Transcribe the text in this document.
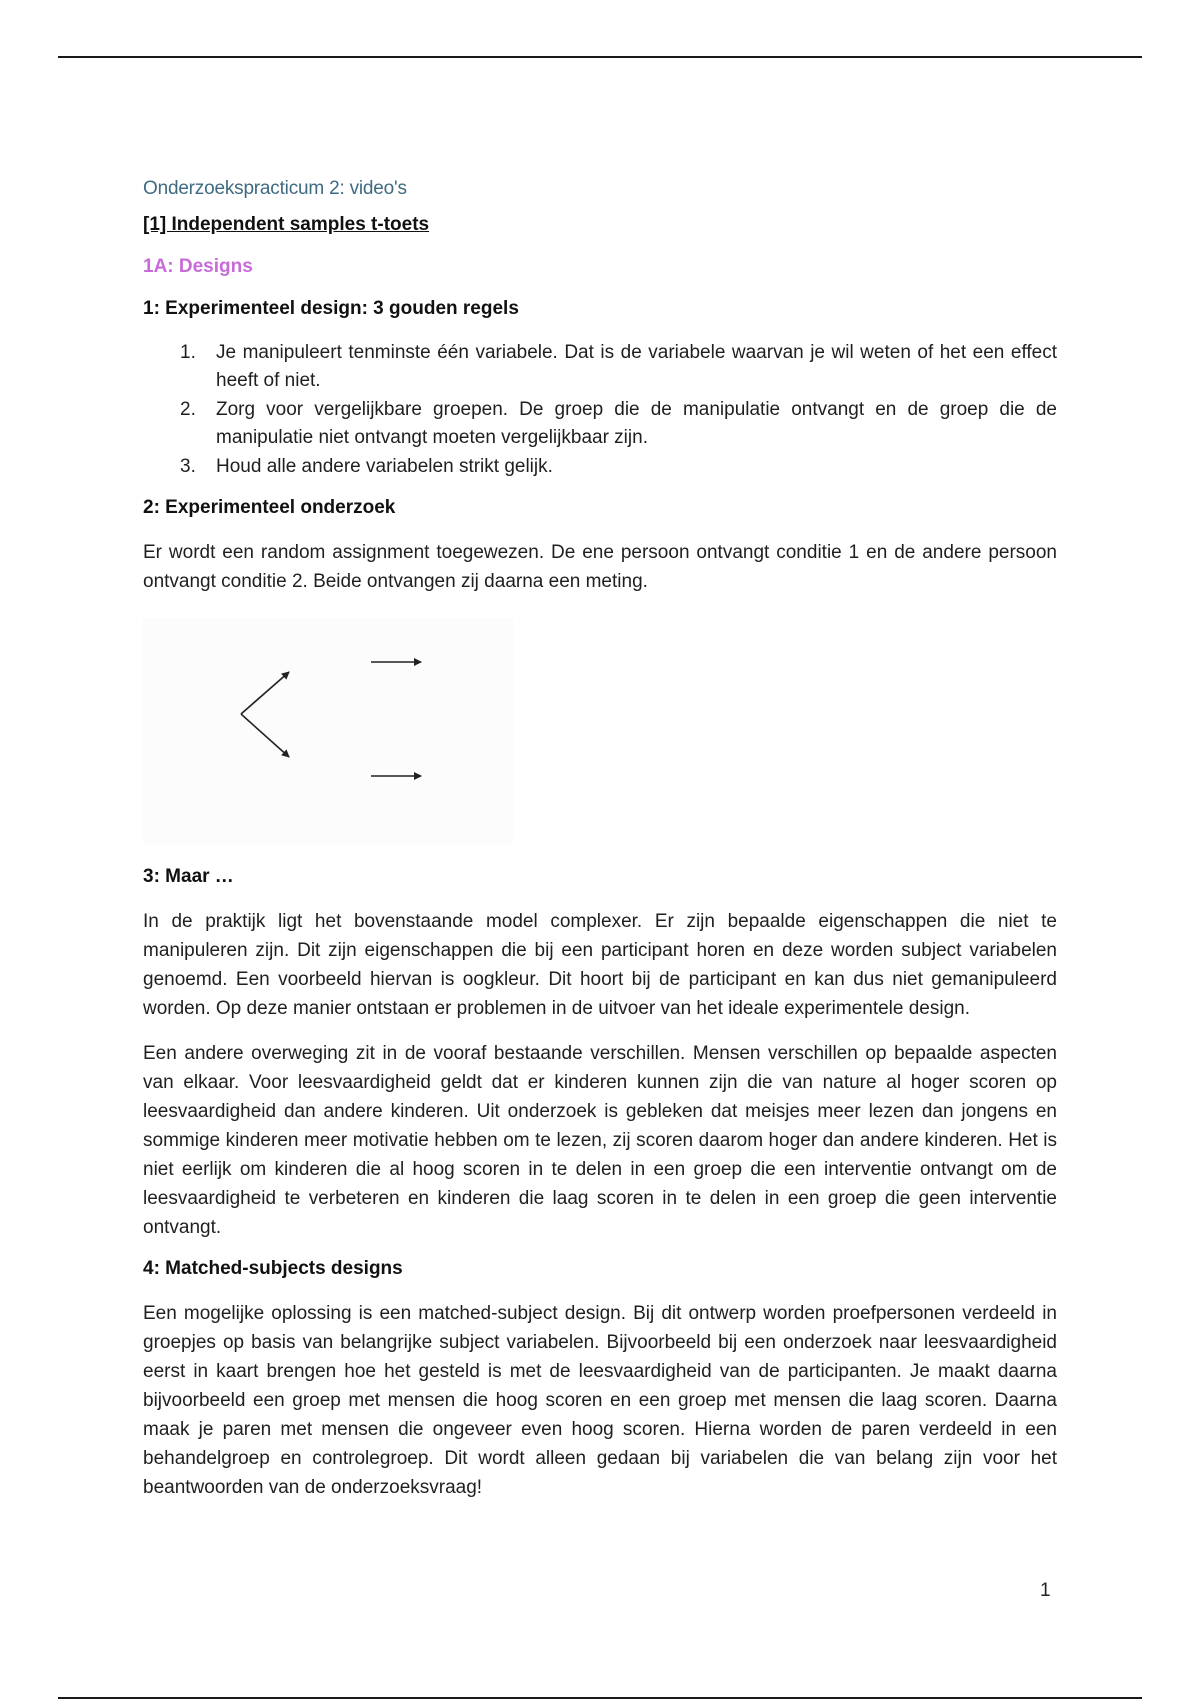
Onderzoekspracticum 2: video's
[1] Independent samples t-toets
1A: Designs
1: Experimenteel design: 3 gouden regels
1.	Je manipuleert tenminste één variabele. Dat is de variabele waarvan je wil weten of het een effect heeft of niet.
2.	Zorg voor vergelijkbare groepen. De groep die de manipulatie ontvangt en de groep die de manipulatie niet ontvangt moeten vergelijkbaar zijn.
3.	Houd alle andere variabelen strikt gelijk.
2: Experimenteel onderzoek

Er wordt een random assignment toegewezen. De ene persoon ontvangt conditie 1 en de andere persoon ontvangt conditie 2. Beide ontvangen zij daarna een meting.

3: Maar …

In de praktijk ligt het bovenstaande model complexer. Er zijn bepaalde eigenschappen die niet te manipuleren zijn. Dit zijn eigenschappen die bij een participant horen en deze worden subject variabelen genoemd. Een voorbeeld hiervan is oogkleur. Dit hoort bij de participant en kan dus niet gemanipuleerd worden. Op deze manier ontstaan er problemen in de uitvoer van het ideale experimentele design.

Een andere overweging zit in de vooraf bestaande verschillen. Mensen verschillen op bepaalde aspecten van elkaar. Voor leesvaardigheid geldt dat er kinderen kunnen zijn die van nature al hoger scoren op leesvaardigheid dan andere kinderen. Uit onderzoek is gebleken dat meisjes meer lezen dan jongens en sommige kinderen meer motivatie hebben om te lezen, zij scoren daarom hoger dan andere kinderen. Het is niet eerlijk om kinderen die al hoog scoren in te delen in een groep die een interventie ontvangt om de leesvaardigheid te verbeteren en kinderen die laag scoren in te delen in een groep die geen interventie ontvangt.

4: Matched-subjects designs

Een mogelijke oplossing is een matched-subject design. Bij dit ontwerp worden proefpersonen verdeeld in groepjes op basis van belangrijke subject variabelen. Bijvoorbeeld bij een onderzoek naar leesvaardigheid eerst in kaart brengen hoe het gesteld is met de leesvaardigheid van de participanten. Je maakt daarna bijvoorbeeld een groep met mensen die hoog scoren en een groep met mensen die laag scoren. Daarna maak je paren met mensen die ongeveer even hoog scoren. Hierna worden de paren verdeeld in een behandelgroep en controlegroep. Dit wordt alleen gedaan bij variabelen die van belang zijn voor het beantwoorden van de onderzoeksvraag!

1
